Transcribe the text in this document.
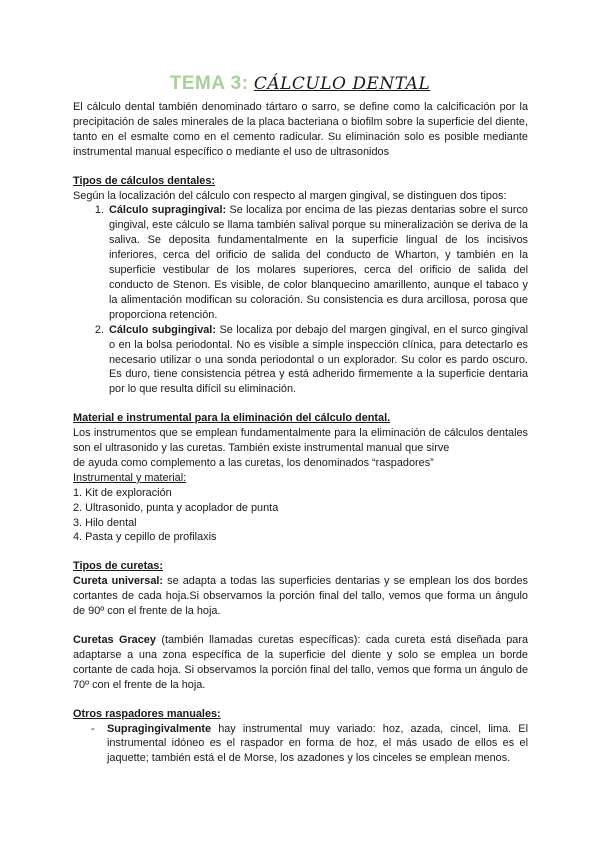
TEMA 3: CÁLCULO DENTAL

El cálculo dental también denominado tártaro o sarro, se define como la calcificación por la precipitación de sales minerales de la placa bacteriana o biofilm sobre la superficie del diente, tanto en el esmalte como en el cemento radicular. Su eliminación solo es posible mediante instrumental manual específico o mediante el uso de ultrasonidos

Tipos de cálculos dentales:

Según la localización del cálculo con respecto al margen gingival, se distinguen dos tipos:

1. Cálculo supragingival: Se localiza por encima de las piezas dentarias sobre el surco gingival, este cálculo se llama también salival porque su mineralización se deriva de la saliva. Se deposita fundamentalmente en la superficie lingual de los incisivos inferiores, cerca del orificio de salida del conducto de Wharton, y también en la superficie vestibular de los molares superiores, cerca del orificio de salida del conducto de Stenon. Es visible, de color blanquecino amarillento, aunque el tabaco y la alimentación modifican su coloración. Su consistencia es dura arcillosa, porosa que proporciona retención.
2. Cálculo subgingival: Se localiza por debajo del margen gingival, en el surco gingival o en la bolsa periodontal. No es visible a simple inspección clínica, para detectarlo es necesario utilizar o una sonda periodontal o un explorador. Su color es pardo oscuro. Es duro, tiene consistencia pétrea y está adherido firmemente a la superficie dentaria por lo que resulta difícil su eliminación.

Material e instrumental para la eliminación del cálculo dental.

Los instrumentos que se emplean fundamentalmente para la eliminación de cálculos dentales son el ultrasonido y las curetas. También existe instrumental manual que sirve

de ayuda como complemento a las curetas, los denominados “raspadores”

Instrumental y material:

1. Kit de exploración

2. Ultrasonido, punta y acoplador de punta

3. Hilo dental

4. Pasta y cepillo de profilaxis

Tipos de curetas:

Cureta universal: se adapta a todas las superficies dentarias y se emplean los dos bordes cortantes de cada hoja.Si observamos la porción final del tallo, vemos que forma un ángulo de 90º con el frente de la hoja.

Curetas Gracey (también llamadas curetas específicas): cada cureta está diseñada para adaptarse a una zona específica de la superficie del diente y solo se emplea un borde cortante de cada hoja. Si observamos la porción final del tallo, vemos que forma un ángulo de 70º con el frente de la hoja.

Otros raspadores manuales:

- Supragingivalmente hay instrumental muy variado: hoz, azada, cincel, lima. El instrumental idóneo es el raspador en forma de hoz, el más usado de ellos es el jaquette; también está el de Morse, los azadones y los cinceles se emplean menos.
